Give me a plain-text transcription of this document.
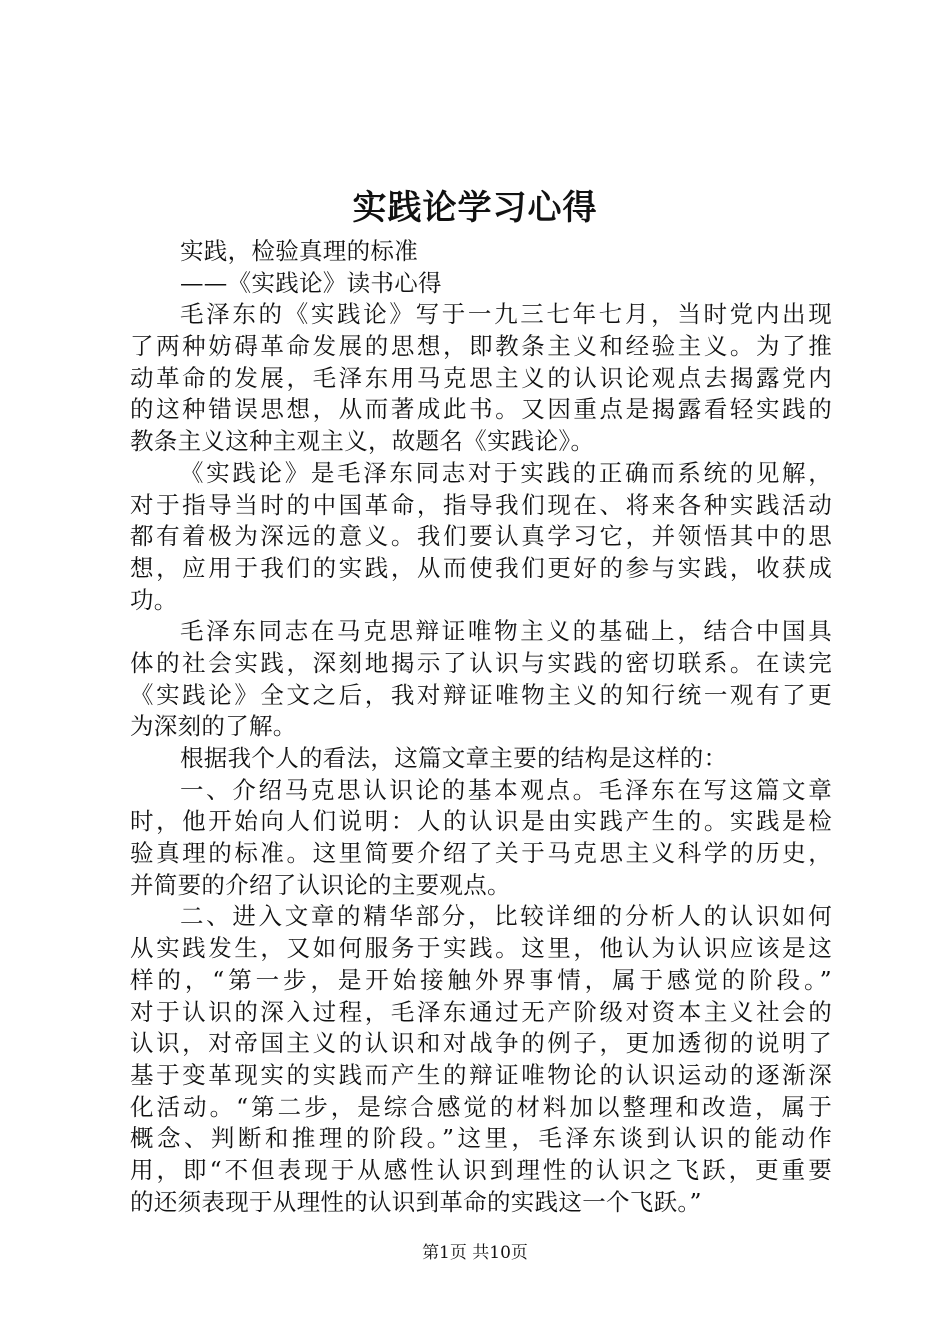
实践论学习心得
实践，检验真理的标准
——《实践论》读书心得
毛泽东的《实践论》写于一九三七年七月，当时党内出现
了两种妨碍革命发展的思想，即教条主义和经验主义。为了推
动革命的发展，毛泽东用马克思主义的认识论观点去揭露党内
的这种错误思想，从而著成此书。又因重点是揭露看轻实践的
教条主义这种主观主义，故题名《实践论》。
《实践论》是毛泽东同志对于实践的正确而系统的见解，
对于指导当时的中国革命，指导我们现在、将来各种实践活动
都有着极为深远的意义。我们要认真学习它，并领悟其中的思
想，应用于我们的实践，从而使我们更好的参与实践，收获成
功。
毛泽东同志在马克思辩证唯物主义的基础上，结合中国具
体的社会实践，深刻地揭示了认识与实践的密切联系。在读完
《实践论》全文之后，我对辩证唯物主义的知行统一观有了更
为深刻的了解。
根据我个人的看法，这篇文章主要的结构是这样的：
一、介绍马克思认识论的基本观点。毛泽东在写这篇文章
时，他开始向人们说明：人的认识是由实践产生的。实践是检
验真理的标准。这里简要介绍了关于马克思主义科学的历史，
并简要的介绍了认识论的主要观点。
二、进入文章的精华部分，比较详细的分析人的认识如何
从实践发生，又如何服务于实践。这里，他认为认识应该是这
样的，“第一步，是开始接触外界事情，属于感觉的阶段。”
对于认识的深入过程，毛泽东通过无产阶级对资本主义社会的
认识，对帝国主义的认识和对战争的例子，更加透彻的说明了
基于变革现实的实践而产生的辩证唯物论的认识运动的逐渐深
化活动。“第二步，是综合感觉的材料加以整理和改造，属于
概念、判断和推理的阶段。”这里，毛泽东谈到认识的能动作
用，即“不但表现于从感性认识到理性的认识之飞跃，更重要
的还须表现于从理性的认识到革命的实践这一个飞跃。”
第1页 共10页
